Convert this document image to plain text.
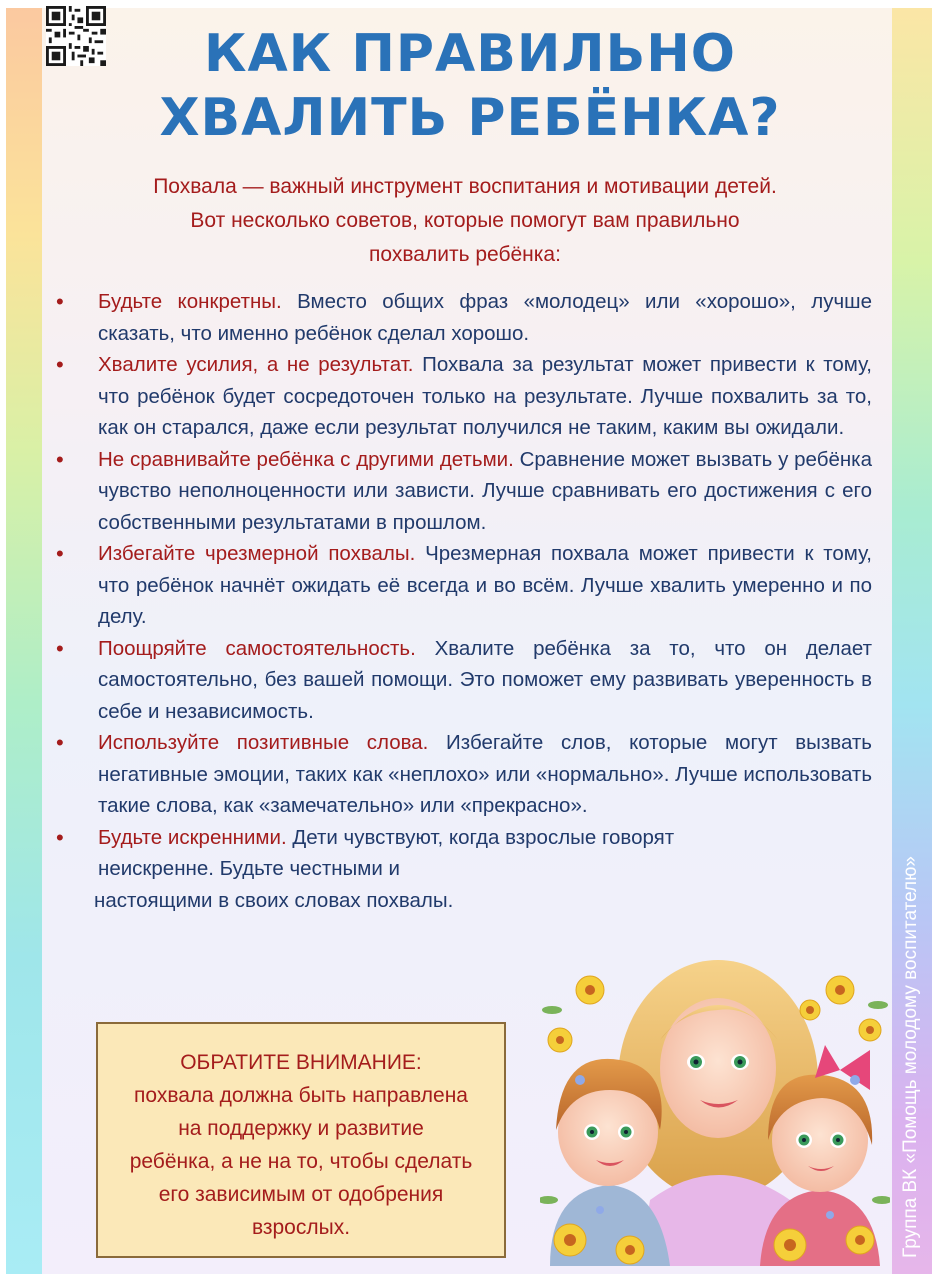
Группа ВК «Помощь молодому воспитателю»
КАК ПРАВИЛЬНО
ХВАЛИТЬ РЕБЁНКА?
Похвала — важный инструмент воспитания и мотивации детей.
Вот несколько советов, которые помогут вам правильно
похвалить ребёнка:
• Будьте конкретны. Вместо общих фраз «молодец» или «хорошо», лучше сказать, что именно ребёнок сделал хорошо.
• Хвалите усилия, а не результат. Похвала за результат может привести к тому, что ребёнок будет сосредоточен только на результате. Лучше похвалить за то, как он старался, даже если результат получился не таким, каким вы ожидали.
• Не сравнивайте ребёнка с другими детьми. Сравнение может вызвать у ребёнка чувство неполноценности или зависти. Лучше сравнивать его достижения с его собственными результатами в прошлом.
• Избегайте чрезмерной похвалы. Чрезмерная похвала может привести к тому, что ребёнок начнёт ожидать её всегда и во всём. Лучше хвалить умеренно и по делу.
• Поощряйте самостоятельность. Хвалите ребёнка за то, что он делает самостоятельно, без вашей помощи. Это поможет ему развивать уверенность в себе и независимость.
• Используйте позитивные слова. Избегайте слов, которые могут вызвать негативные эмоции, таких как «неплохо» или «нормально». Лучше использовать такие слова, как «замечательно» или «прекрасно».
• Будьте искренними. Дети чувствуют, когда взрослые говорят
неискренне. Будьте честными и
настоящими в своих словах похвалы.
ОБРАТИТЕ ВНИМАНИЕ:
похвала должна быть направлена
на поддержку и развитие
ребёнка, а не на то, чтобы сделать
его зависимым от одобрения
взрослых.
